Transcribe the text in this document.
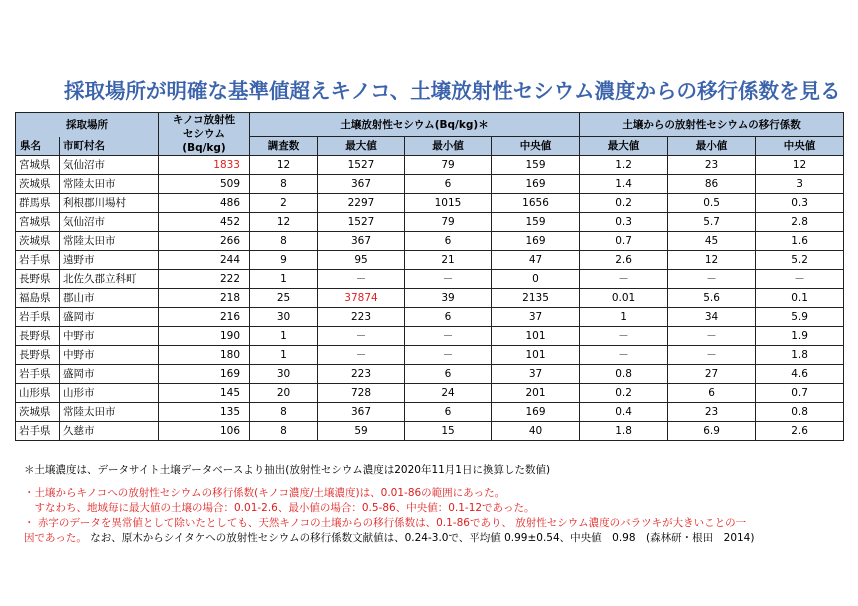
採取場所が明確な基準値超えキノコ、土壌放射性セシウム濃度からの移行係数を見る
採取場所		キノコ放射性
セシウム
(Bq/kg)	土壌放射性セシウム(Bq/kg)＊				土壌からの放射性セシウムの移行係数		

県名	市町村名		調査数	最大値	最小値	中央値	最大値	最小値	中央値
宮城県	気仙沼市	1833	12	1527	79	159	1.2	23	12
茨城県	常陸太田市	509	8	367	6	169	1.4	86	3
群馬県	利根郡川場村	486	2	2297	1015	1656	0.2	0.5	0.3
宮城県	気仙沼市	452	12	1527	79	159	0.3	5.7	2.8
茨城県	常陸太田市	266	8	367	6	169	0.7	45	1.6
岩手県	遠野市	244	9	95	21	47	2.6	12	5.2
長野県	北佐久郡立科町	222	1	－	－	0	－	－	－
福島県	郡山市	218	25	37874	39	2135	0.01	5.6	0.1
岩手県	盛岡市	216	30	223	6	37	1	34	5.9
長野県	中野市	190	1	－	－	101	－	－	1.9
長野県	中野市	180	1	－	－	101	－	－	1.8
岩手県	盛岡市	169	30	223	6	37	0.8	27	4.6
山形県	山形市	145	20	728	24	201	0.2	6	0.7
茨城県	常陸太田市	135	8	367	6	169	0.4	23	0.8
岩手県	久慈市	106	8	59	15	40	1.8	6.9	2.6
＊土壌濃度は、データサイト土壌データベースより抽出(放射性セシウム濃度は2020年11月1日に換算した数値)
・土壌からキノコへの放射性セシウムの移行係数(キノコ濃度/土壌濃度)は、0.01-86の範囲にあった。
　すなわち、地域毎に最大値の土壌の場合：0.01-2.6、最小値の場合：0.5-86、中央値：0.1-12であった。
・ 赤字のデータを異常値として除いたとしても、天然キノコの土壌からの移行係数は、0.1-86であり、 放射性セシウム濃度のバラツキが大きいことの一
因であった。 なお、原木からシイタケへの放射性セシウムの移行係数文献値は、0.24-3.0で、平均値 0.99±0.54、中央値　0.98　(森林研・根田　2014)
